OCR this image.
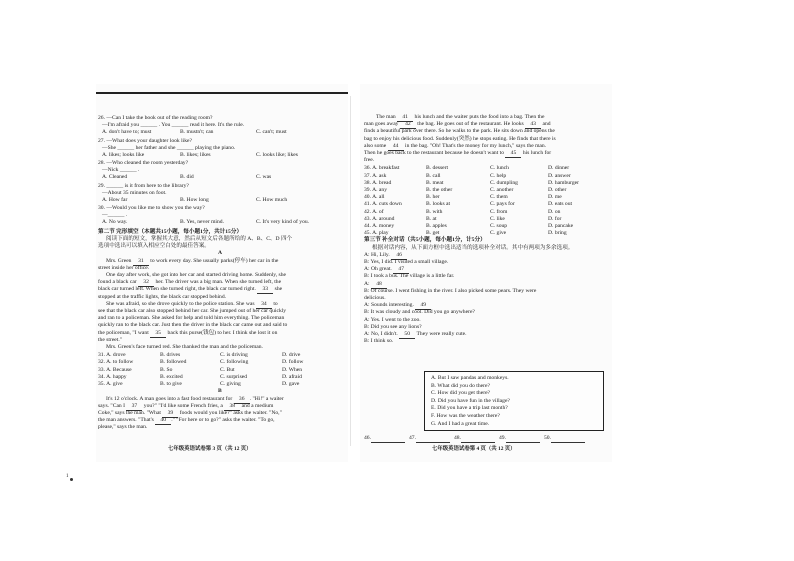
26. —Can I take the book out of the reading room?
—I'm afraid you ______ . You ______ read it here. It's the rule.
A. don't have to; must	B. mustn't; can	C. can't; must
27. —What does your daughter look like?
—She ______ her father and she ______ playing the piano.
A. likes; looks like	B. likes; likes	C. looks like; likes
28. —Who cleaned the room yesterday?
—Nick ______ .
A. Cleaned	B. did	C. was
29. ______ is it from here to the library?
—About 35 minutes on foot.
A. How far	B. How long	C. How much
30. —Would you like me to show you the way?
—______ .
A. No way.	B. Yes, never mind.	C. It's very kind of you.
第二节 完形填空（本题共15小题，每小题1分，共计15分）
阅读下面的短文，掌握其大意，然后从短文后各题所给的 A、B、C、D 四个
选项中选出可以填入相应空白处的最佳答案。
A
Mrs. Green 31 to work every day. She usually parks(停车) her car in the
street inside her office.
One day after work, she got into her car and started driving home. Suddenly, she
found a black car 32 her. The driver was a big man. When she turned left, the
black car turned left. When she turned right, the black car turned right. 33 she
stopped at the traffic lights, the black car stopped behind.
She was afraid, so she drove quickly to the police station. She was 34 to
see that the black car also stopped behind her car. She jumped out of her car quickly
and ran to a policeman. She asked for help and told him everything. The policeman
quickly ran to the black car. Just then the driver in the black car came out and said to
the policeman, "I want 35 back this purse(钱包) to her. I think she lost it on
the street."
Mrs. Green's face turned red. She thanked the man and the policeman.
31. A. drove	B. drives	C. is driving	D. drive
32. A. to follow	B. followed	C. following	D. follow
33. A. Because	B. So	C. But	D. When
34. A. happy	B. excited	C. surprised	D. afraid
35. A. give	B. to give	C. giving	D. gave
B
It's 12 o'clock. A man goes into a fast food restaurant for 36 . "Hi!" a waiter
says. "Can I 37 you?" "I'd like some French fries, a 38 and a medium
Coke," says the man. "What 39 foods would you like?" asks the waiter. "No,"
the man answers. "That's 40 ." "For here or to go?" asks the waiter. "To go,
please," says the man.
七年级英语试卷第 3 页（共 12 页）
The man 41 his lunch and the waiter puts the food into a bag. Then the
man goes away 42 the bag. He goes out of the restaurant. He looks 43 and
finds a beautiful park over there. So he walks to the park. He sits down and opens the
bag to enjoy his delicious food. Suddenly(突然) he stops eating. He finds that there is
also some 44 in the bag. "Oh! That's the money for my lunch," says the man.
Then he goes back to the restaurant because he doesn't want to 45 his lunch for
free.
36. A. breakfast	B. dessert	C. lunch	D. dinner
37. A. ask	B. call	C. help	D. answer
38. A. bread	B. meat	C. dumpling	D. hamburger
39. A. any	B. the other	C. another	D. other
40. A. all	B. her	C. them	D. me
41. A. cuts down	B. looks at	C. pays for	D. eats out
42. A. of	B. with	C. from	D. on
43. A. around	B. at	C. like	D. for
44. A. money	B. apples	C. soup	D. pancake
45. A. play	B. get	C. give	D. bring
第三节 补全对话（共5小题，每小题1分，计5分）
根据对话内容，从下面方框中选出适当的选项补全对话。其中有两项为多余选项。
A: Hi, Lily. 46
B: Yes, I did. I visited a small village.
A: Oh great. 47
B: I took a bus. The village is a little far.
A: 48
B: Of course. I went fishing in the river. I also picked some pears. They were
delicious.
A: Sounds interesting. 49
B: It was cloudy and cool. Did you go anywhere?
A: Yes. I went to the zoo.
B: Did you see any lions?
A: No, I didn't. 50 They were really cute.
B: I think so.
A. But I saw pandas and monkeys.
B. What did you do there?
C. How did you get there?
D. Did you have fun in the village?
E. Did you have a trip last month?
F. How was the weather there?
G. And I had a great time.
46.	47.	48.	49.	50.
七年级英语试卷第 4 页（共 12 页）
1
